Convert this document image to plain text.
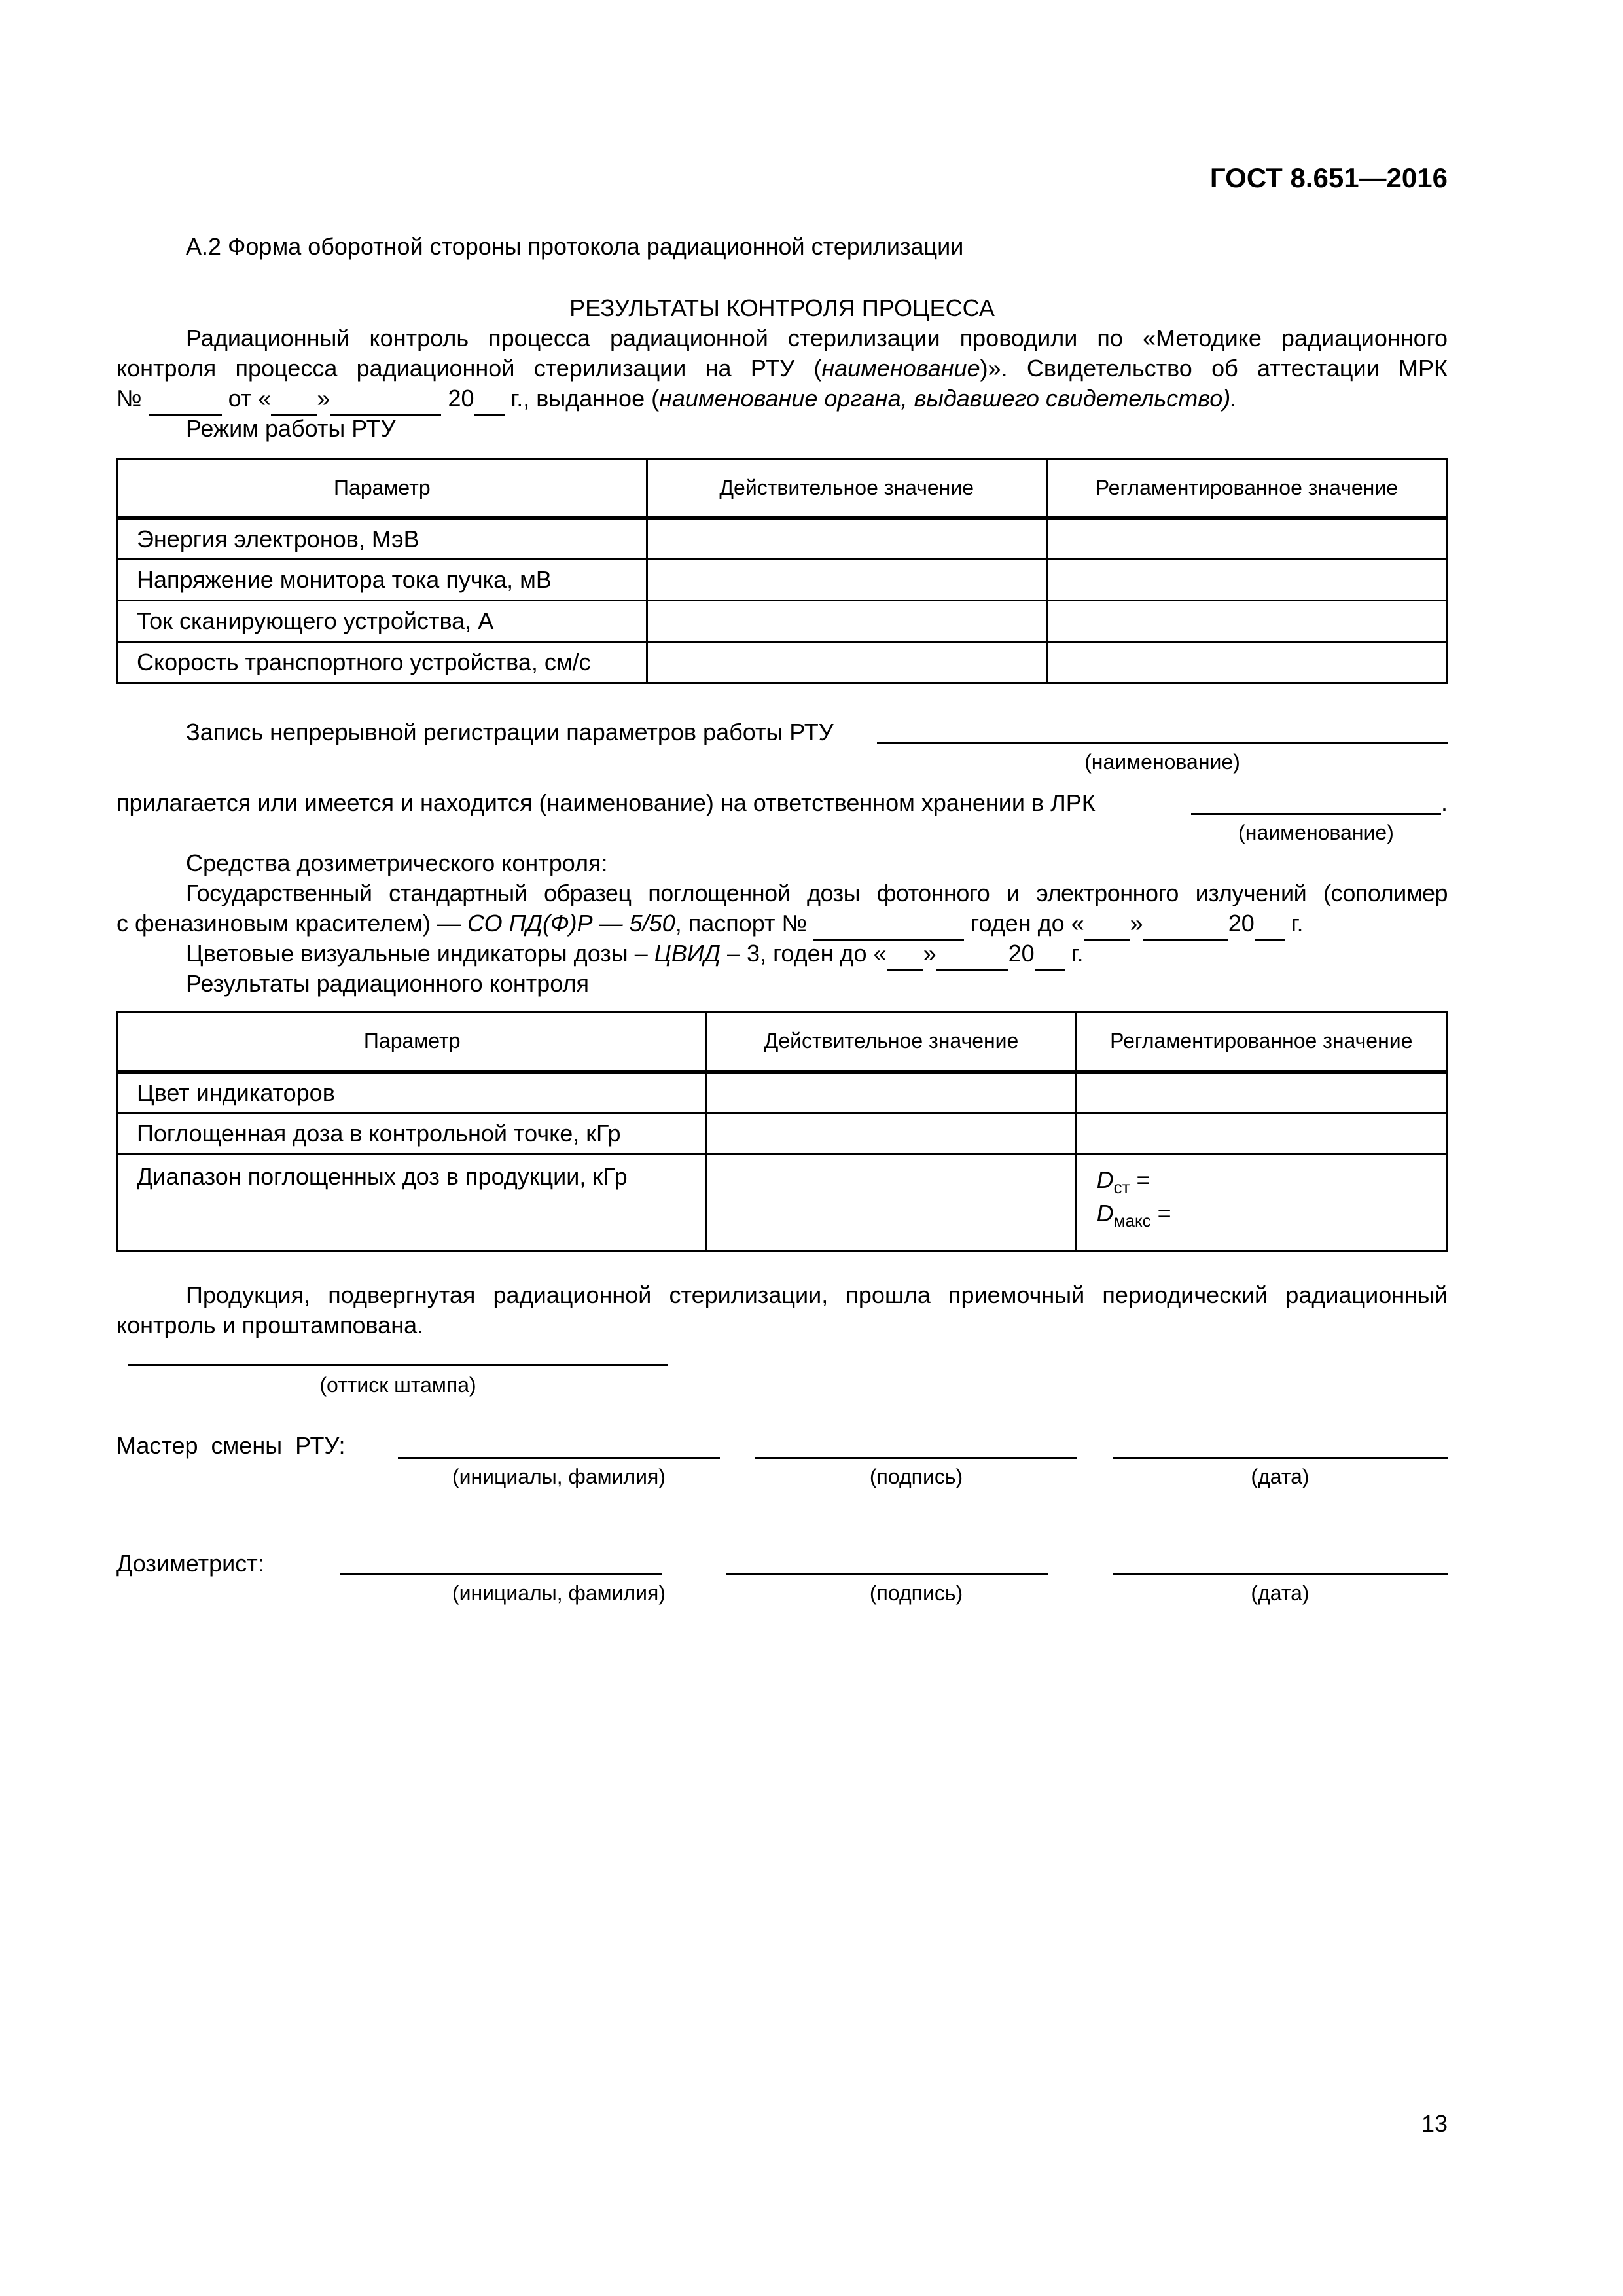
ГОСТ 8.651—2016
А.2 Форма оборотной стороны протокола радиационной стерилизации
РЕЗУЛЬТАТЫ КОНТРОЛЯ ПРОЦЕССА
Радиационный контроль процесса радиационной стерилизации проводили по «Методике радиационного
контроля процесса радиационной стерилизации на РТУ (наименование)». Свидетельство об аттестации МРК
№	от « »	20 г., выданное (наименование органа, выдавшего свидетельство).
Режим работы РТУ
Параметр	Действительное значение	Регламентированное значение
Энергия электронов, МэВ		
Напряжение монитора тока пучка, мВ		
Ток сканирующего устройства, А		
Скорость транспортного устройства, см/с		
Запись непрерывной регистрации параметров работы РТУ
(наименование)
прилагается или имеется и находится (наименование) на ответственном хранении в ЛРК	.
(наименование)
Средства дозиметрического контроля:
Государственный стандартный образец поглощенной дозы фотонного и электронного излучений (сополимер
с феназиновым красителем) — СО ПД(Ф)Р — 5/50, паспорт №	годен до « »	20 г.
Цветовые визуальные индикаторы дозы – ЦВИД – 3, годен до « »	20 г.
Результаты радиационного контроля
Параметр	Действительное значение	Регламентированное значение
Цвет индикаторов		
Поглощенная доза в контрольной точке, кГр		
Диапазон поглощенных доз в продукции, кГр		$D_{ст}$ =
$D_{макс}$ =
Продукция, подвергнутая радиационной стерилизации, прошла приемочный периодический радиационный
контроль и проштампована.
(оттиск штампа)
Мастер смены РТУ:
(инициалы, фамилия)	(подпись)	(дата)
Дозиметрист:
(инициалы, фамилия)	(подпись)	(дата)
13
